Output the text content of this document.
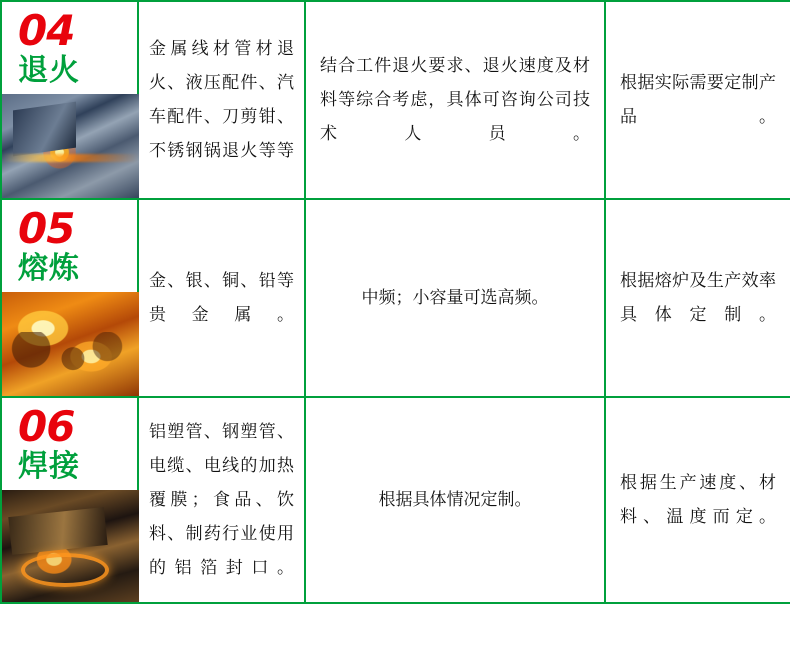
04
退火	金属线材管材退火、液压配件、汽车配件、刀剪钳、不锈钢锅退火等等	结合工件退火要求、退火速度及材料等综合考虑，具体可咨询公司技术人员。	根据实际需要定制产品。

05
熔炼	金、银、铜、铅等贵金属。	中频；小容量可选高频。	根据熔炉及生产效率具体定制。

06
焊接	铝塑管、钢塑管、电缆、电线的加热覆膜；食品、饮料、制药行业使用的铝箔封口。	根据具体情况定制。	根据生产速度、材料、温度而定。
